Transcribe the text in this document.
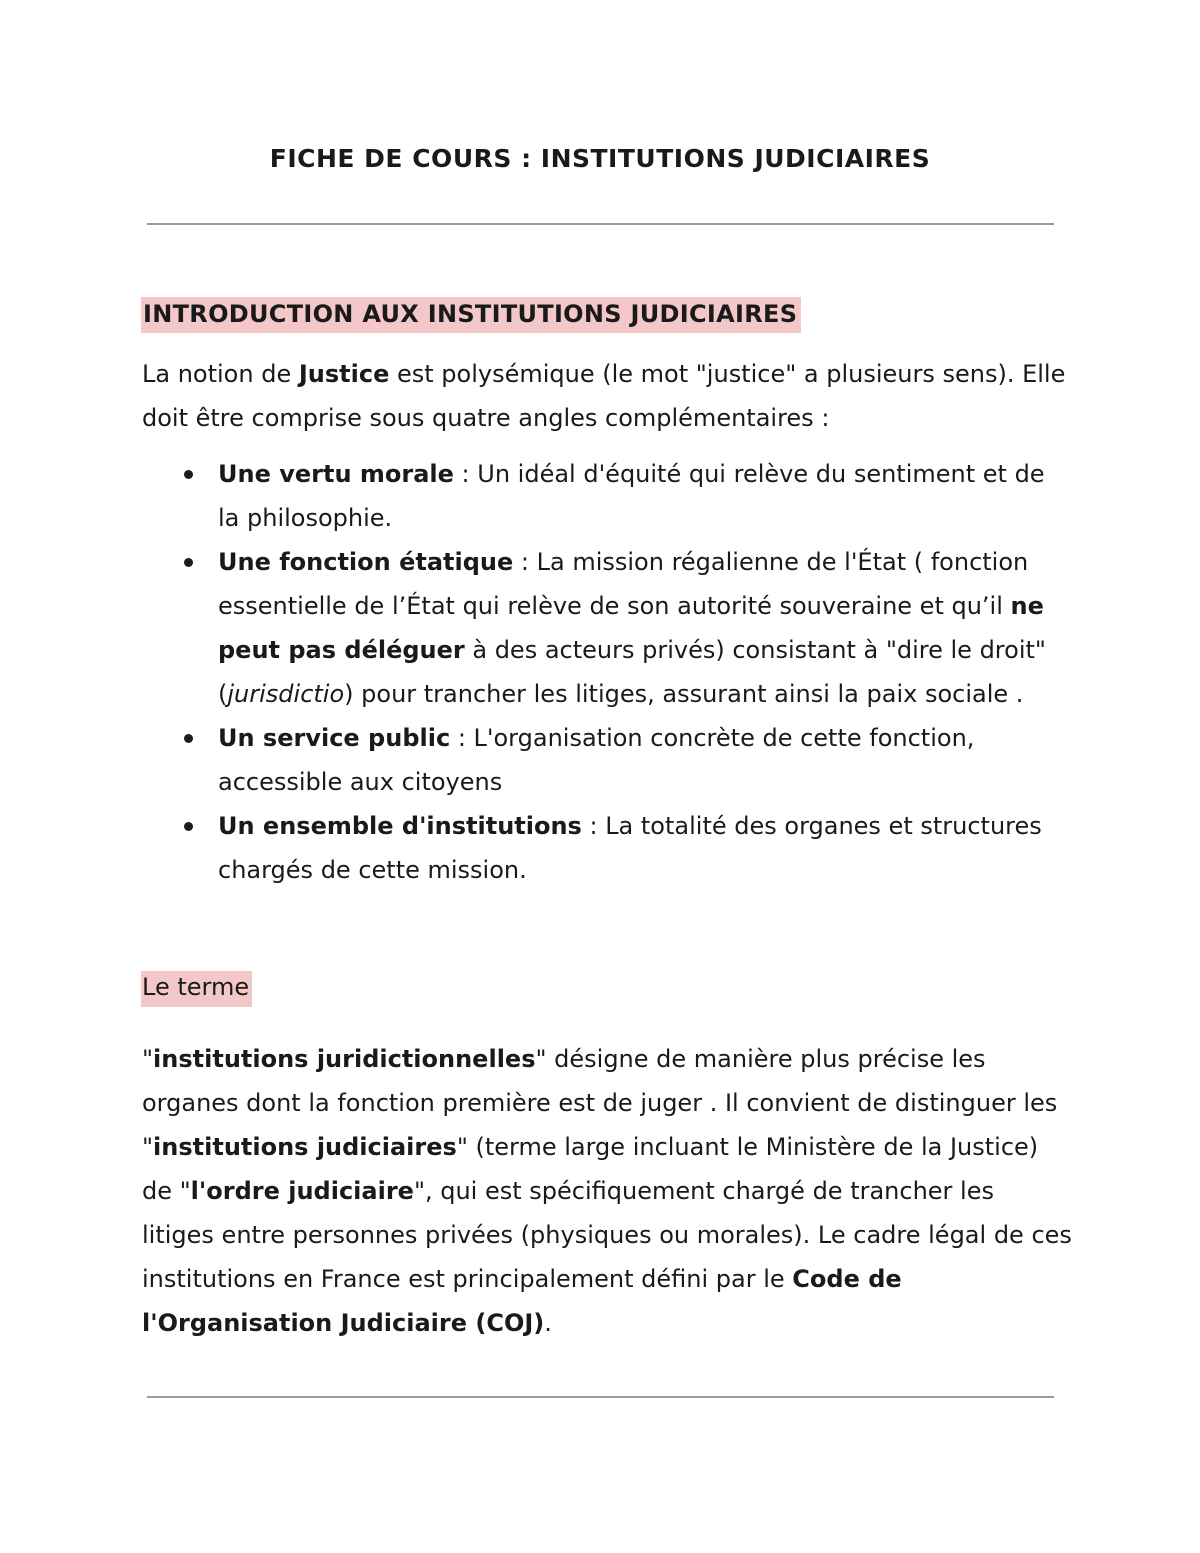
FICHE DE COURS : INSTITUTIONS JUDICIAIRES
INTRODUCTION AUX INSTITUTIONS JUDICIAIRES
La notion de Justice est polysémique (le mot "justice" a plusieurs sens). Elle doit être comprise sous quatre angles complémentaires :
Une vertu morale : Un idéal d'équité qui relève du sentiment et de la philosophie.
Une fonction étatique : La mission régalienne de l'État ( fonction essentielle de l’État qui relève de son autorité souveraine et qu’il ne peut pas déléguer à des acteurs privés) consistant à "dire le droit" (jurisdictio) pour trancher les litiges, assurant ainsi la paix sociale .
Un service public : L'organisation concrète de cette fonction, accessible aux citoyens
Un ensemble d'institutions : La totalité des organes et structures chargés de cette mission.
Le terme
"institutions juridictionnelles" désigne de manière plus précise les organes dont la fonction première est de juger . Il convient de distinguer les "institutions judiciaires" (terme large incluant le Ministère de la Justice) de "l'ordre judiciaire", qui est spécifiquement chargé de trancher les litiges entre personnes privées (physiques ou morales). Le cadre légal de ces institutions en France est principalement défini par le Code de l'Organisation Judiciaire (COJ).
